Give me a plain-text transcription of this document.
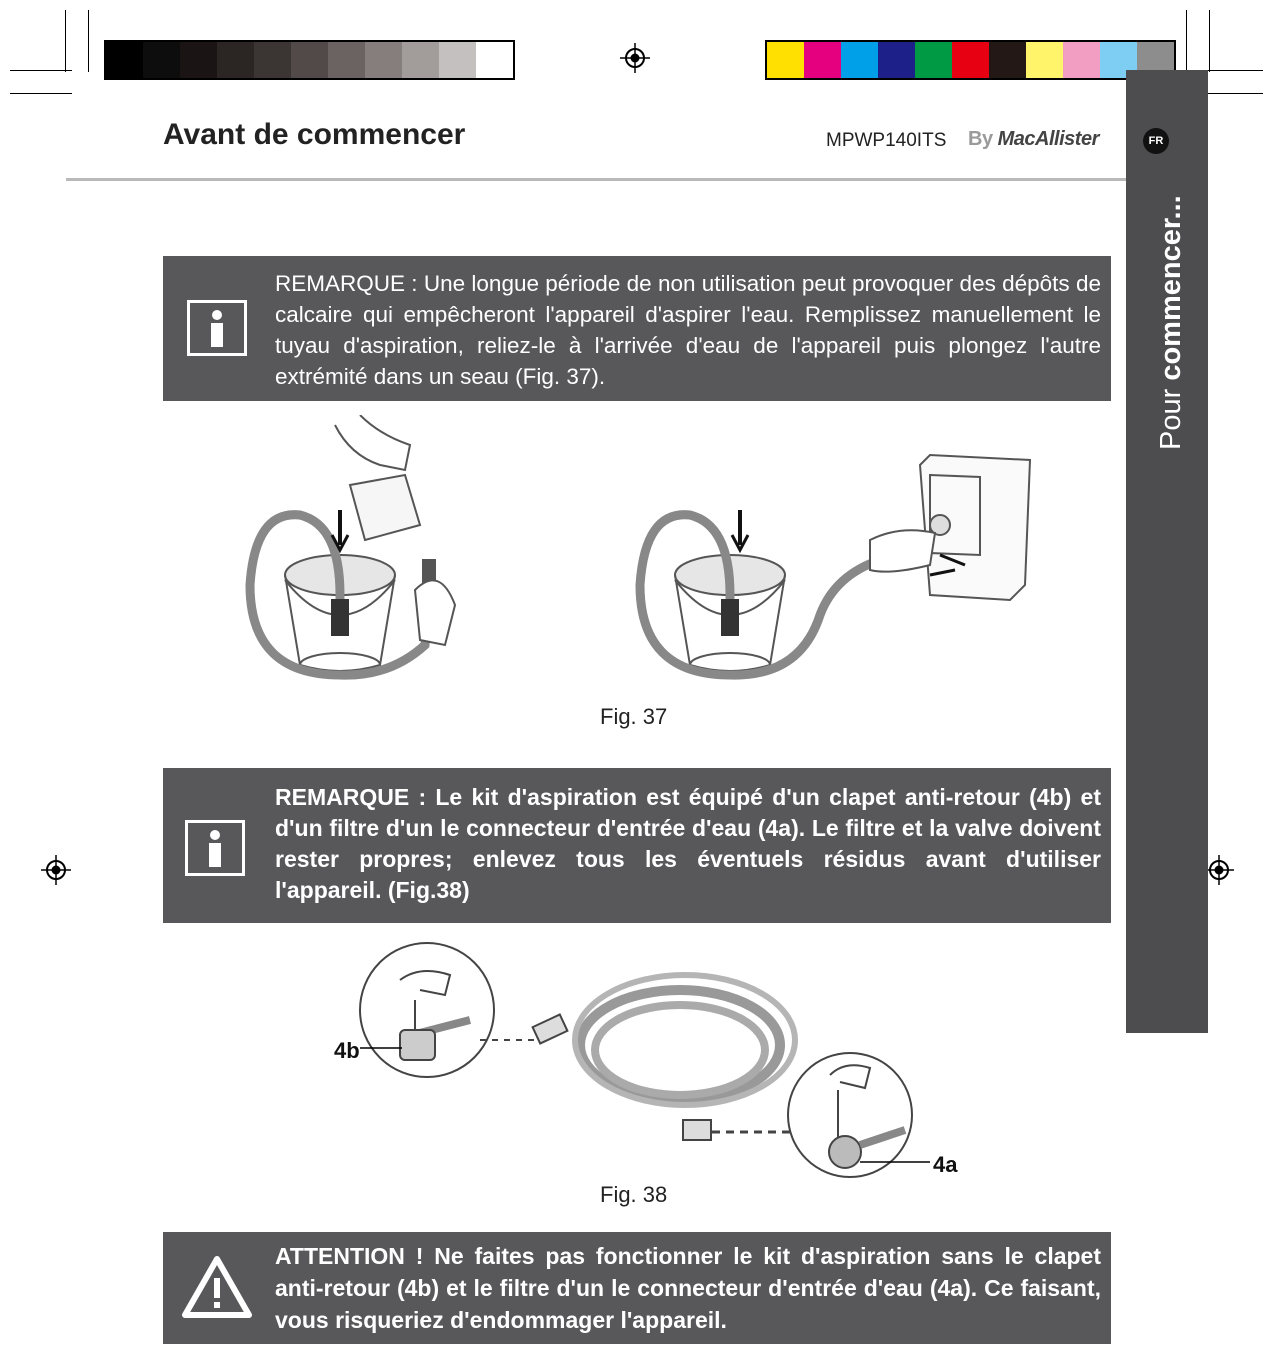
FR
Pour commencer...
Avant de commencer	MPWP140ITS By MacAllister
REMARQUE : Une longue période de non utilisation peut provoquer des dépôts de calcaire qui empêcheront l'appareil d'aspirer l'eau. Remplissez manuellement le tuyau d'aspiration, reliez-le à l'arrivée d'eau de l'appareil puis plongez l'autre extrémité dans un seau (Fig. 37).
Fig. 37
REMARQUE : Le kit d'aspiration est équipé d'un clapet anti-retour (4b) et d'un filtre d'un le connecteur d'entrée d'eau (4a). Le filtre et la valve doivent rester propres; enlevez tous les éventuels résidus avant d'utiliser l'appareil. (Fig.38)
4b
4a
Fig. 38
ATTENTION ! Ne faites pas fonctionner le kit d'aspiration sans le clapet anti-retour (4b) et le filtre d'un le connecteur d'entrée d'eau (4a). Ce faisant, vous risqueriez d'endommager l'appareil.
